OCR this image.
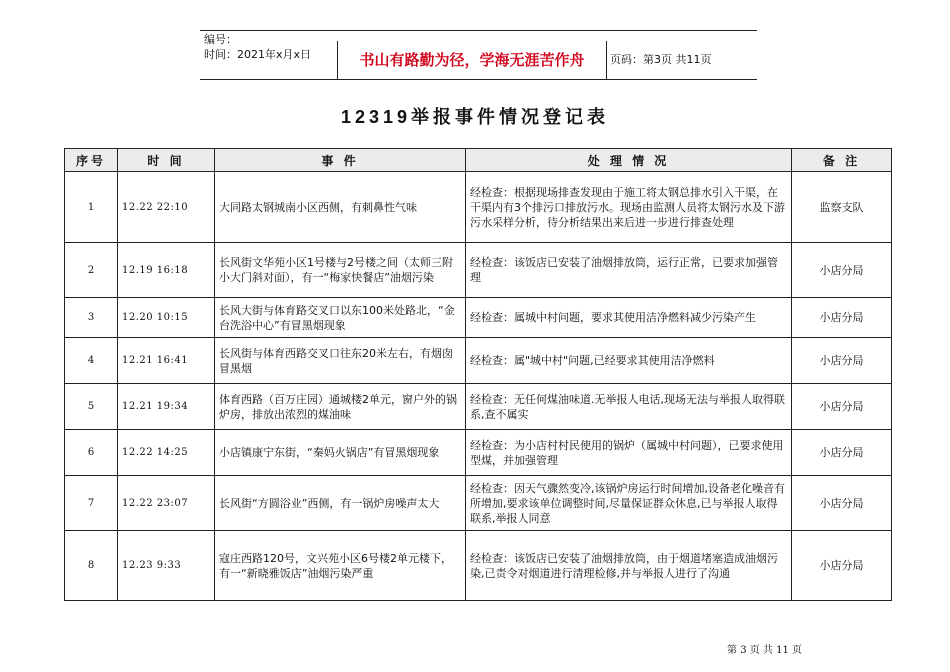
编号：
时间：2021年x月x日	书山有路勤为径，学海无涯苦作舟	页码：第3页 共11页
12319举报事件情况登记表
序号	时 间	事 件	处 理 情 况	备 注
1	12.22 22:10	大同路太钢城南小区西侧，有刺鼻性气味	经检查：根据现场排查发现由于施工将太钢总排水引入干渠，在干渠内有3个排污口排放污水。现场由监测人员将太钢污水及下游污水采样分析，待分析结果出来后进一步进行排查处理	监察支队
2	12.19 16:18	长风街文华苑小区1号楼与2号楼之间（太师三附小大门斜对面），有一“梅家快餐店”油烟污染	经检查：该饭店已安装了油烟排放筒，运行正常，已要求加强管理	小店分局
3	12.20 10:15	长风大街与体育路交叉口以东100米处路北，“金台洗浴中心”有冒黑烟现象	经检查：属城中村问题，要求其使用洁净燃料减少污染产生	小店分局
4	12.21 16:41	长风街与体育西路交叉口往东20米左右，有烟囱冒黑烟	经检查：属"城中村"问题,已经要求其使用洁净燃料	小店分局
5	12.21 19:34	体育西路（百万庄园）通城楼2单元，窗户外的锅炉房，排放出浓烈的煤油味	经检查：无任何煤油味道.无举报人电话,现场无法与举报人取得联系,查不属实	小店分局
6	12.22 14:25	小店镇康宁东街，“秦妈火锅店”有冒黑烟现象	经检查：为小店村村民使用的锅炉（属城中村问题），已要求使用型煤，并加强管理	小店分局
7	12.22 23:07	长风街“方圆浴业”西侧，有一锅炉房噪声太大	经检查：因天气骤然变冷,该锅炉房运行时间增加,设备老化噪音有所增加,要求该单位调整时间,尽量保证群众休息,已与举报人取得联系,举报人同意	小店分局
8	12.23 9:33	寇庄西路120号，文兴苑小区6号楼2单元楼下，有一“新晓雅饭店”油烟污染严重	经检查：该饭店已安装了油烟排放筒，由于烟道堵塞造成油烟污染,已责令对烟道进行清理检修,并与举报人进行了沟通	小店分局
第 3 页 共 11 页
